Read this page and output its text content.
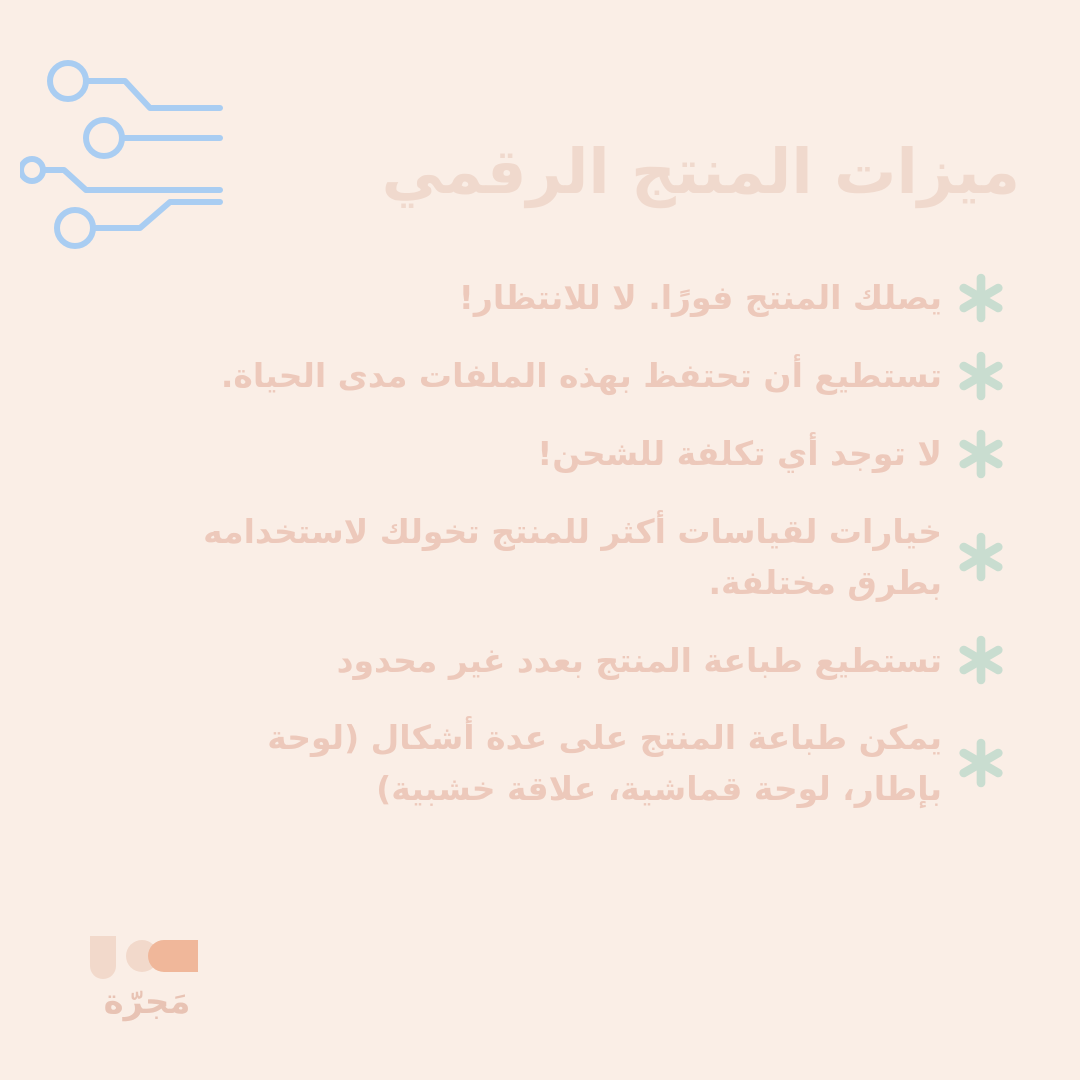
ميزات المنتج الرقمي
يصلك المنتج فورًا. لا للانتظار!
تستطيع أن تحتفظ بهذه الملفات مدى الحياة.
لا توجد أي تكلفة للشحن!
خيارات لقياسات أكثر للمنتج تخولك لاستخدامه بطرق مختلفة.
تستطيع طباعة المنتج بعدد غير محدود
يمكن طباعة المنتج على عدة أشكال (لوحة بإطار، لوحة قماشية، علاقة خشبية)
مَجرّة
